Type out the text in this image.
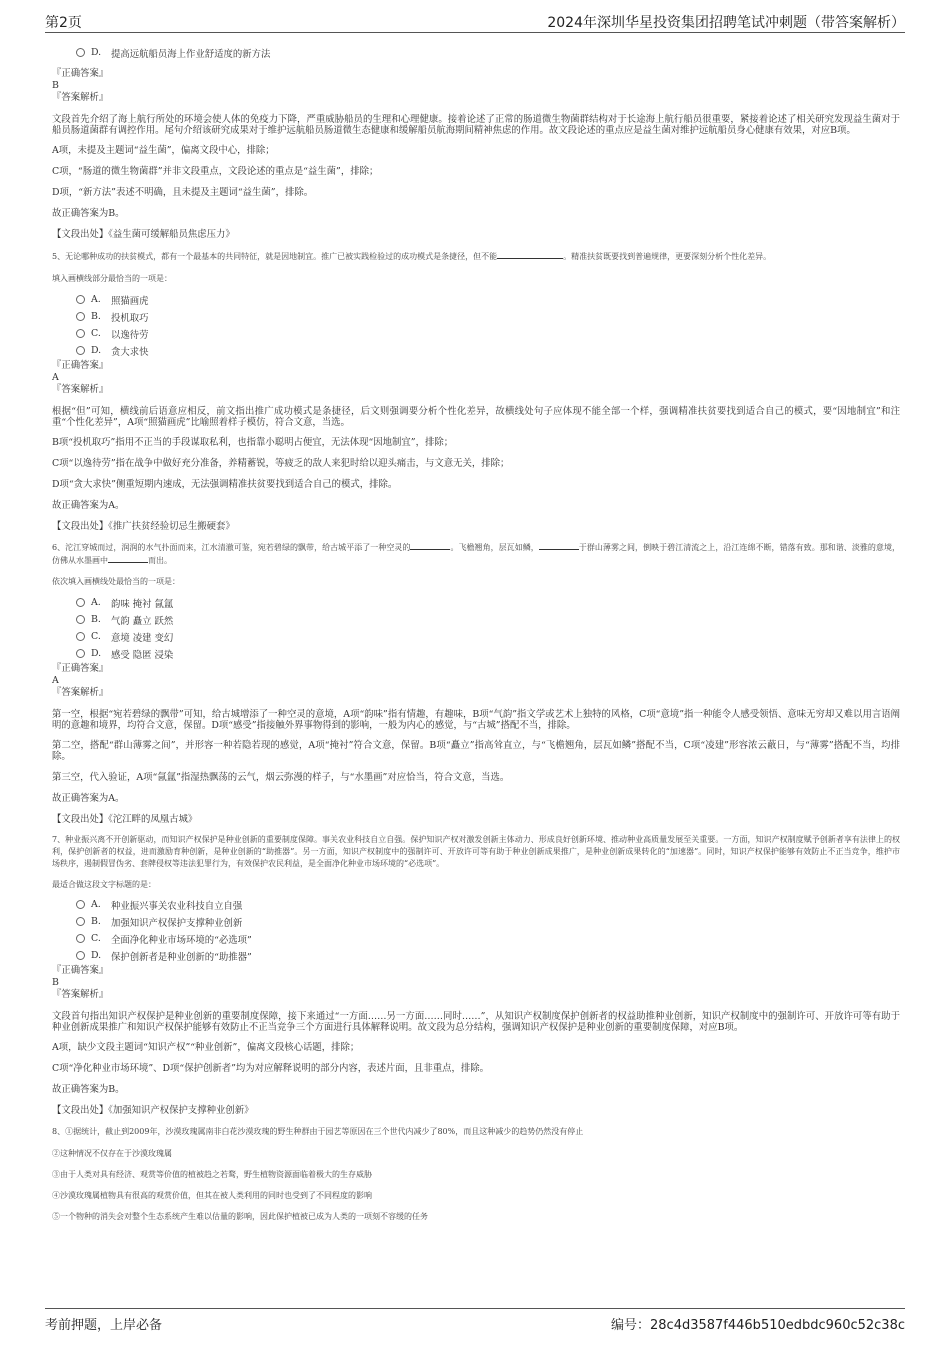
第2页	2024年深圳华星投资集团招聘笔试冲刺题（带答案解析）
D.	提高远航船员海上作业舒适度的新方法
『正确答案』
B
『答案解析』
文段首先介绍了海上航行所处的环境会使人体的免疫力下降，严重威胁船员的生理和心理健康。接着论述了正常的肠道微生物菌群结构对于长途海上航行船员很重要，紧接着论述了相关研究发现益生菌对于船员肠道菌群有调控作用。尾句介绍该研究成果对于维护远航船员肠道微生态健康和缓解船员航海期间精神焦虑的作用。故文段论述的重点应是益生菌对维护远航船员身心健康有效果，对应B项。
A项，未提及主题词“益生菌”，偏离文段中心，排除；
C项，“肠道的微生物菌群”并非文段重点，文段论述的重点是“益生菌”，排除；
D项，“新方法”表述不明确，且未提及主题词“益生菌”，排除。
故正确答案为B。
【文段出处】《益生菌可缓解船员焦虑压力》
5、无论哪种成功的扶贫模式，都有一个最基本的共同特征，就是因地制宜。推广已被实践检验过的成功模式是条捷径，但不能	。精准扶贫既要找到普遍规律，更要深刻分析个性化差异。
填入画横线部分最恰当的一项是：
A.	照猫画虎
B.	投机取巧
C.	以逸待劳
D.	贪大求快
『正确答案』
A
『答案解析』
根据“但”可知，横线前后语意应相反，前文指出推广成功模式是条捷径，后文则强调要分析个性化差异，故横线处句子应体现不能全部一个样，强调精准扶贫要找到适合自己的模式，要“因地制宜”和注重“个性化差异”，A项“照猫画虎”比喻照着样子模仿，符合文意，当选。
B项“投机取巧”指用不正当的手段谋取私利，也指靠小聪明占便宜，无法体现“因地制宜”，排除；
C项“以逸待劳”指在战争中做好充分准备，养精蓄锐，等疲乏的敌人来犯时给以迎头痛击，与文意无关，排除；
D项“贪大求快”侧重短期内速成，无法强调精准扶贫要找到适合自己的模式，排除。
故正确答案为A。
【文段出处】《推广扶贫经验切忌生搬硬套》
6、沱江穿城而过，润润的水气扑面而来，江水清澈可鉴，宛若碧绿的飘带，给古城平添了一种空灵的	。飞檐翘角，层瓦如鳞，	于群山薄雾之间，倒映于碧江清流之上，沿江连绵不断，错落有致。那和谐、淡雅的意境，仿佛从水墨画中	而出。
依次填入画横线处最恰当的一项是：
A.	韵味 掩衬 氤氲
B.	气韵 矗立 跃然
C.	意境 凌建 变幻
D.	感受 隐匿 浸染
『正确答案』
A
『答案解析』
第一空，根据“宛若碧绿的飘带”可知，给古城增添了一种空灵的意境，A项“韵味”指有情趣，有趣味，B项“气韵”指文学或艺术上独特的风格，C项“意境”指一种能令人感受领悟、意味无穷却又难以用言语阐明的意趣和境界，均符合文意，保留。D项“感受”指接触外界事物得到的影响，一般为内心的感觉，与“古城”搭配不当，排除。
第二空，搭配“群山薄雾之间”，并形容一种若隐若现的感觉，A项“掩衬”符合文意，保留。B项“矗立”指高耸直立，与“飞檐翘角，层瓦如鳞”搭配不当，C项“凌建”形容浓云蔽日，与“薄雾”搭配不当，均排除。
第三空，代入验证，A项“氤氲”指湿热飘荡的云气，烟云弥漫的样子，与“水墨画”对应恰当，符合文意，当选。
故正确答案为A。
【文段出处】《沱江畔的凤凰古城》
7、种业振兴离不开创新驱动，而知识产权保护是种业创新的重要制度保障。事关农业科技自立自强。保护知识产权对激发创新主体动力、形成良好创新环境、推动种业高质量发展至关重要。一方面，知识产权制度赋予创新者享有法律上的权利，保护创新者的权益，进而激励育种创新，是种业创新的“助推器”。另一方面，知识产权制度中的强制许可、开放许可等有助于种业创新成果推广，是种业创新成果转化的“加速器”。同时，知识产权保护能够有效防止不正当竞争，维护市场秩序，遏制假冒伪劣、套牌侵权等违法犯罪行为，有效保护农民利益，是全面净化种业市场环境的“必选项”。
最适合做这段文字标题的是：
A.	种业振兴事关农业科技自立自强
B.	加强知识产权保护支撑种业创新
C.	全面净化种业市场环境的“必选项”
D.	保护创新者是种业创新的“助推器”
『正确答案』
B
『答案解析』
文段首句指出知识产权保护是种业创新的重要制度保障，接下来通过“一方面……另一方面……同时……”，从知识产权制度保护创新者的权益助推种业创新，知识产权制度中的强制许可、开放许可等有助于种业创新成果推广和知识产权保护能够有效防止不正当竞争三个方面进行具体解释说明。故文段为总分结构，强调知识产权保护是种业创新的重要制度保障，对应B项。
A项，缺少文段主题词“知识产权”“种业创新”，偏离文段核心话题，排除；
C项“净化种业市场环境”、D项“保护创新者”均为对应解释说明的部分内容，表述片面，且非重点，排除。
故正确答案为B。
【文段出处】《加强知识产权保护支撑种业创新》
8、①据统计，截止到2009年，沙漠玫瑰属南非白花沙漠玫瑰的野生种群由于园艺等原因在三个世代内减少了80%，而且这种减少的趋势仍然没有停止
②这种情况不仅存在于沙漠玫瑰属
③由于人类对具有经济、观赏等价值的植被趋之若鹜，野生植物资源面临着极大的生存威胁
④沙漠玫瑰属植物具有很高的观赏价值，但其在被人类利用的同时也受到了不同程度的影响
⑤一个物种的消失会对整个生态系统产生难以估量的影响，因此保护植被已成为人类的一项刻不容缓的任务
考前押题，上岸必备	编号：28c4d3587f446b510edbdc960c52c38c
